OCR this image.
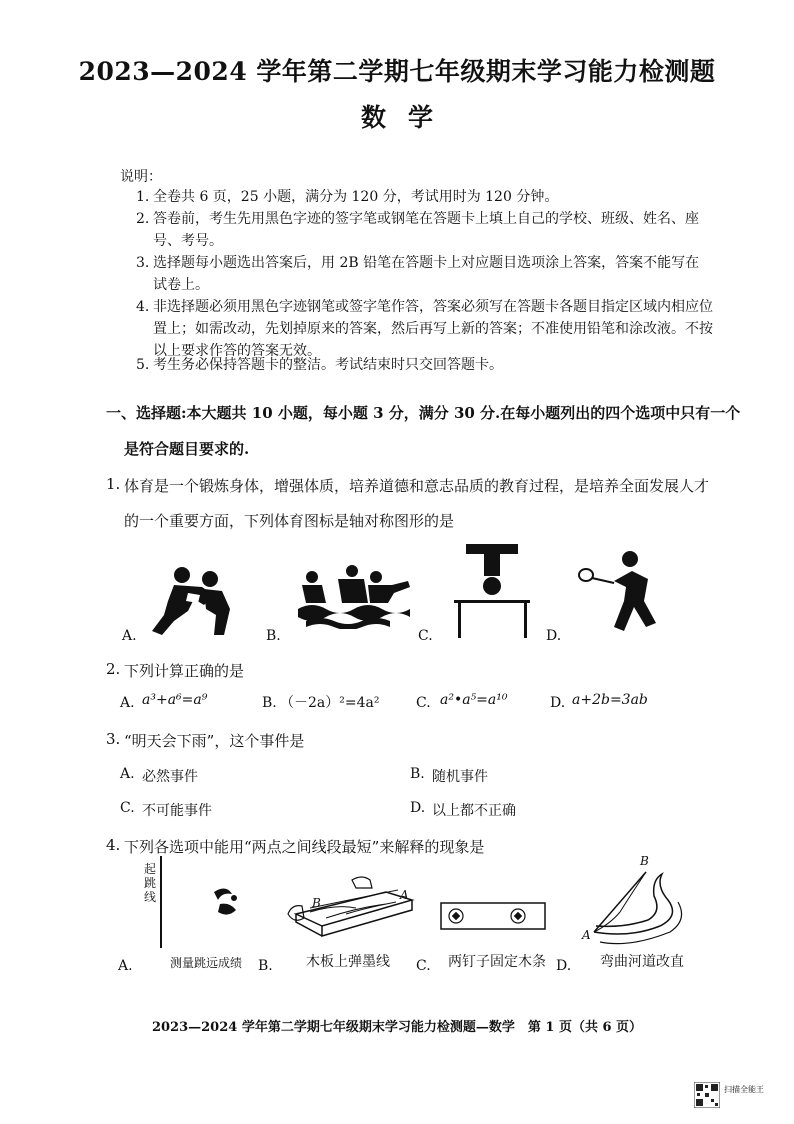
2023—2024 学年第二学期七年级期末学习能力检测题
数学
说明：
1. 全卷共 6 页，25 小题，满分为 120 分，考试用时为 120 分钟。
2. 答卷前，考生先用黑色字迹的签字笔或钢笔在答题卡上填上自己的学校、班级、姓名、座号、考号。
3. 选择题每小题选出答案后，用 2B 铅笔在答题卡上对应题目选项涂上答案，答案不能写在试卷上。
4. 非选择题必须用黑色字迹钢笔或签字笔作答，答案必须写在答题卡各题目指定区域内相应位置上；如需改动，先划掉原来的答案，然后再写上新的答案；不准使用铅笔和涂改液。不按以上要求作答的答案无效。
5. 考生务必保持答题卡的整洁。考试结束时只交回答题卡。
一、选择题:本大题共 10 小题，每小题 3 分，满分 30 分.在每小题列出的四个选项中只有一个
是符合题目要求的.
1. 体育是一个锻炼身体，增强体质，培养道德和意志品质的教育过程，是培养全面发展人才
的一个重要方面，下列体育图标是轴对称图形的是
A.	B.	C.	D.
2. 下列计算正确的是
A. a³+a⁶=a⁹	B. （－2a）²=4a²	C. a²•a⁵=a¹⁰	D. a+2b=3ab
3. “明天会下雨”，这个事件是
A. 必然事件	B. 随机事件
C. 不可能事件	D. 以上都不正确
4. 下列各选项中能用“两点之间线段最短”来解释的现象是
起跳线	B
A
B
A
A.	测量跳远成绩 B. 木板上弹墨线 C. 两钉子固定木条 D. 弯曲河道改直
2023—2024 学年第二学期七年级期末学习能力检测题—数学　第 1 页（共 6 页）
扫描全能王
